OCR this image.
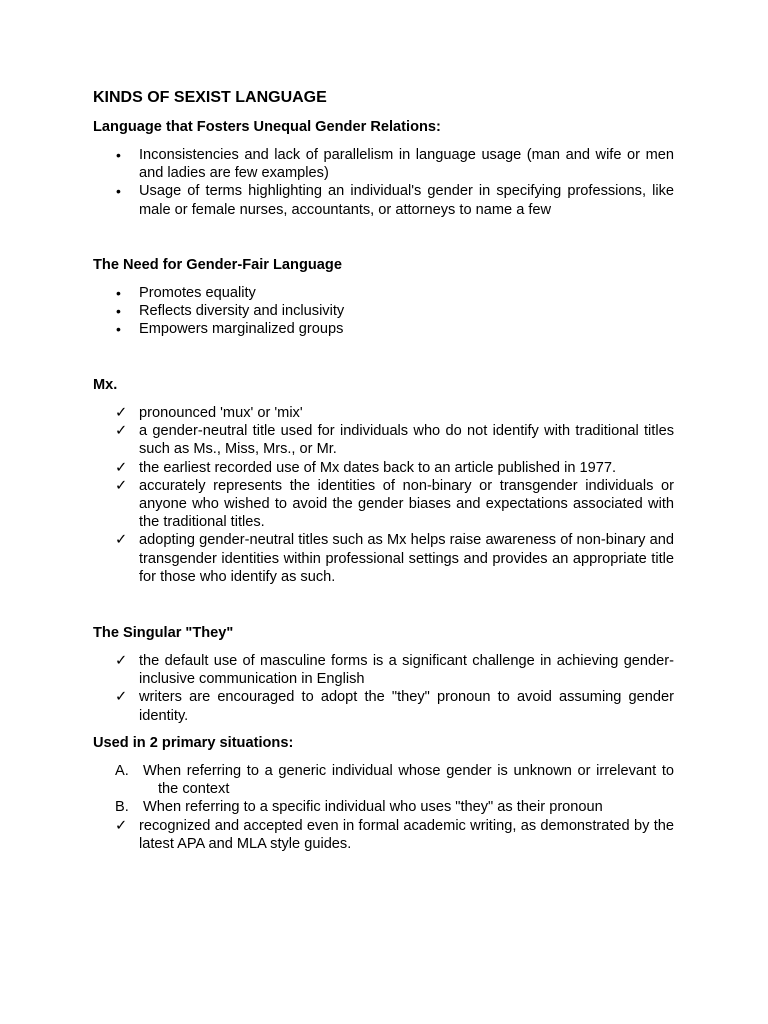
KINDS OF SEXIST LANGUAGE
Language that Fosters Unequal Gender Relations:
•	Inconsistencies and lack of parallelism in language usage (man and wife or men and ladies are few examples)
•	Usage of terms highlighting an individual's gender in specifying professions, like male or female nurses, accountants, or attorneys to name a few
The Need for Gender-Fair Language
•	Promotes equality
•	Reflects diversity and inclusivity
•	Empowers marginalized groups
Mx.
✓ pronounced 'mux' or 'mix'
✓ a gender-neutral title used for individuals who do not identify with traditional titles such as Ms., Miss, Mrs., or Mr.
✓ the earliest recorded use of Mx dates back to an article published in 1977.
✓ accurately represents the identities of non-binary or transgender individuals or anyone who wished to avoid the gender biases and expectations associated with the traditional titles.
✓ adopting gender-neutral titles such as Mx helps raise awareness of non-binary and transgender identities within professional settings and provides an appropriate title for those who identify as such.
The Singular "They"
✓ the default use of masculine forms is a significant challenge in achieving gender-inclusive communication in English
✓ writers are encouraged to adopt the "they" pronoun to avoid assuming gender identity.
Used in 2 primary situations:
A. When referring to a generic individual whose gender is unknown or irrelevant to the context
B. When referring to a specific individual who uses "they" as their pronoun
✓ recognized and accepted even in formal academic writing, as demonstrated by the latest APA and MLA style guides.
